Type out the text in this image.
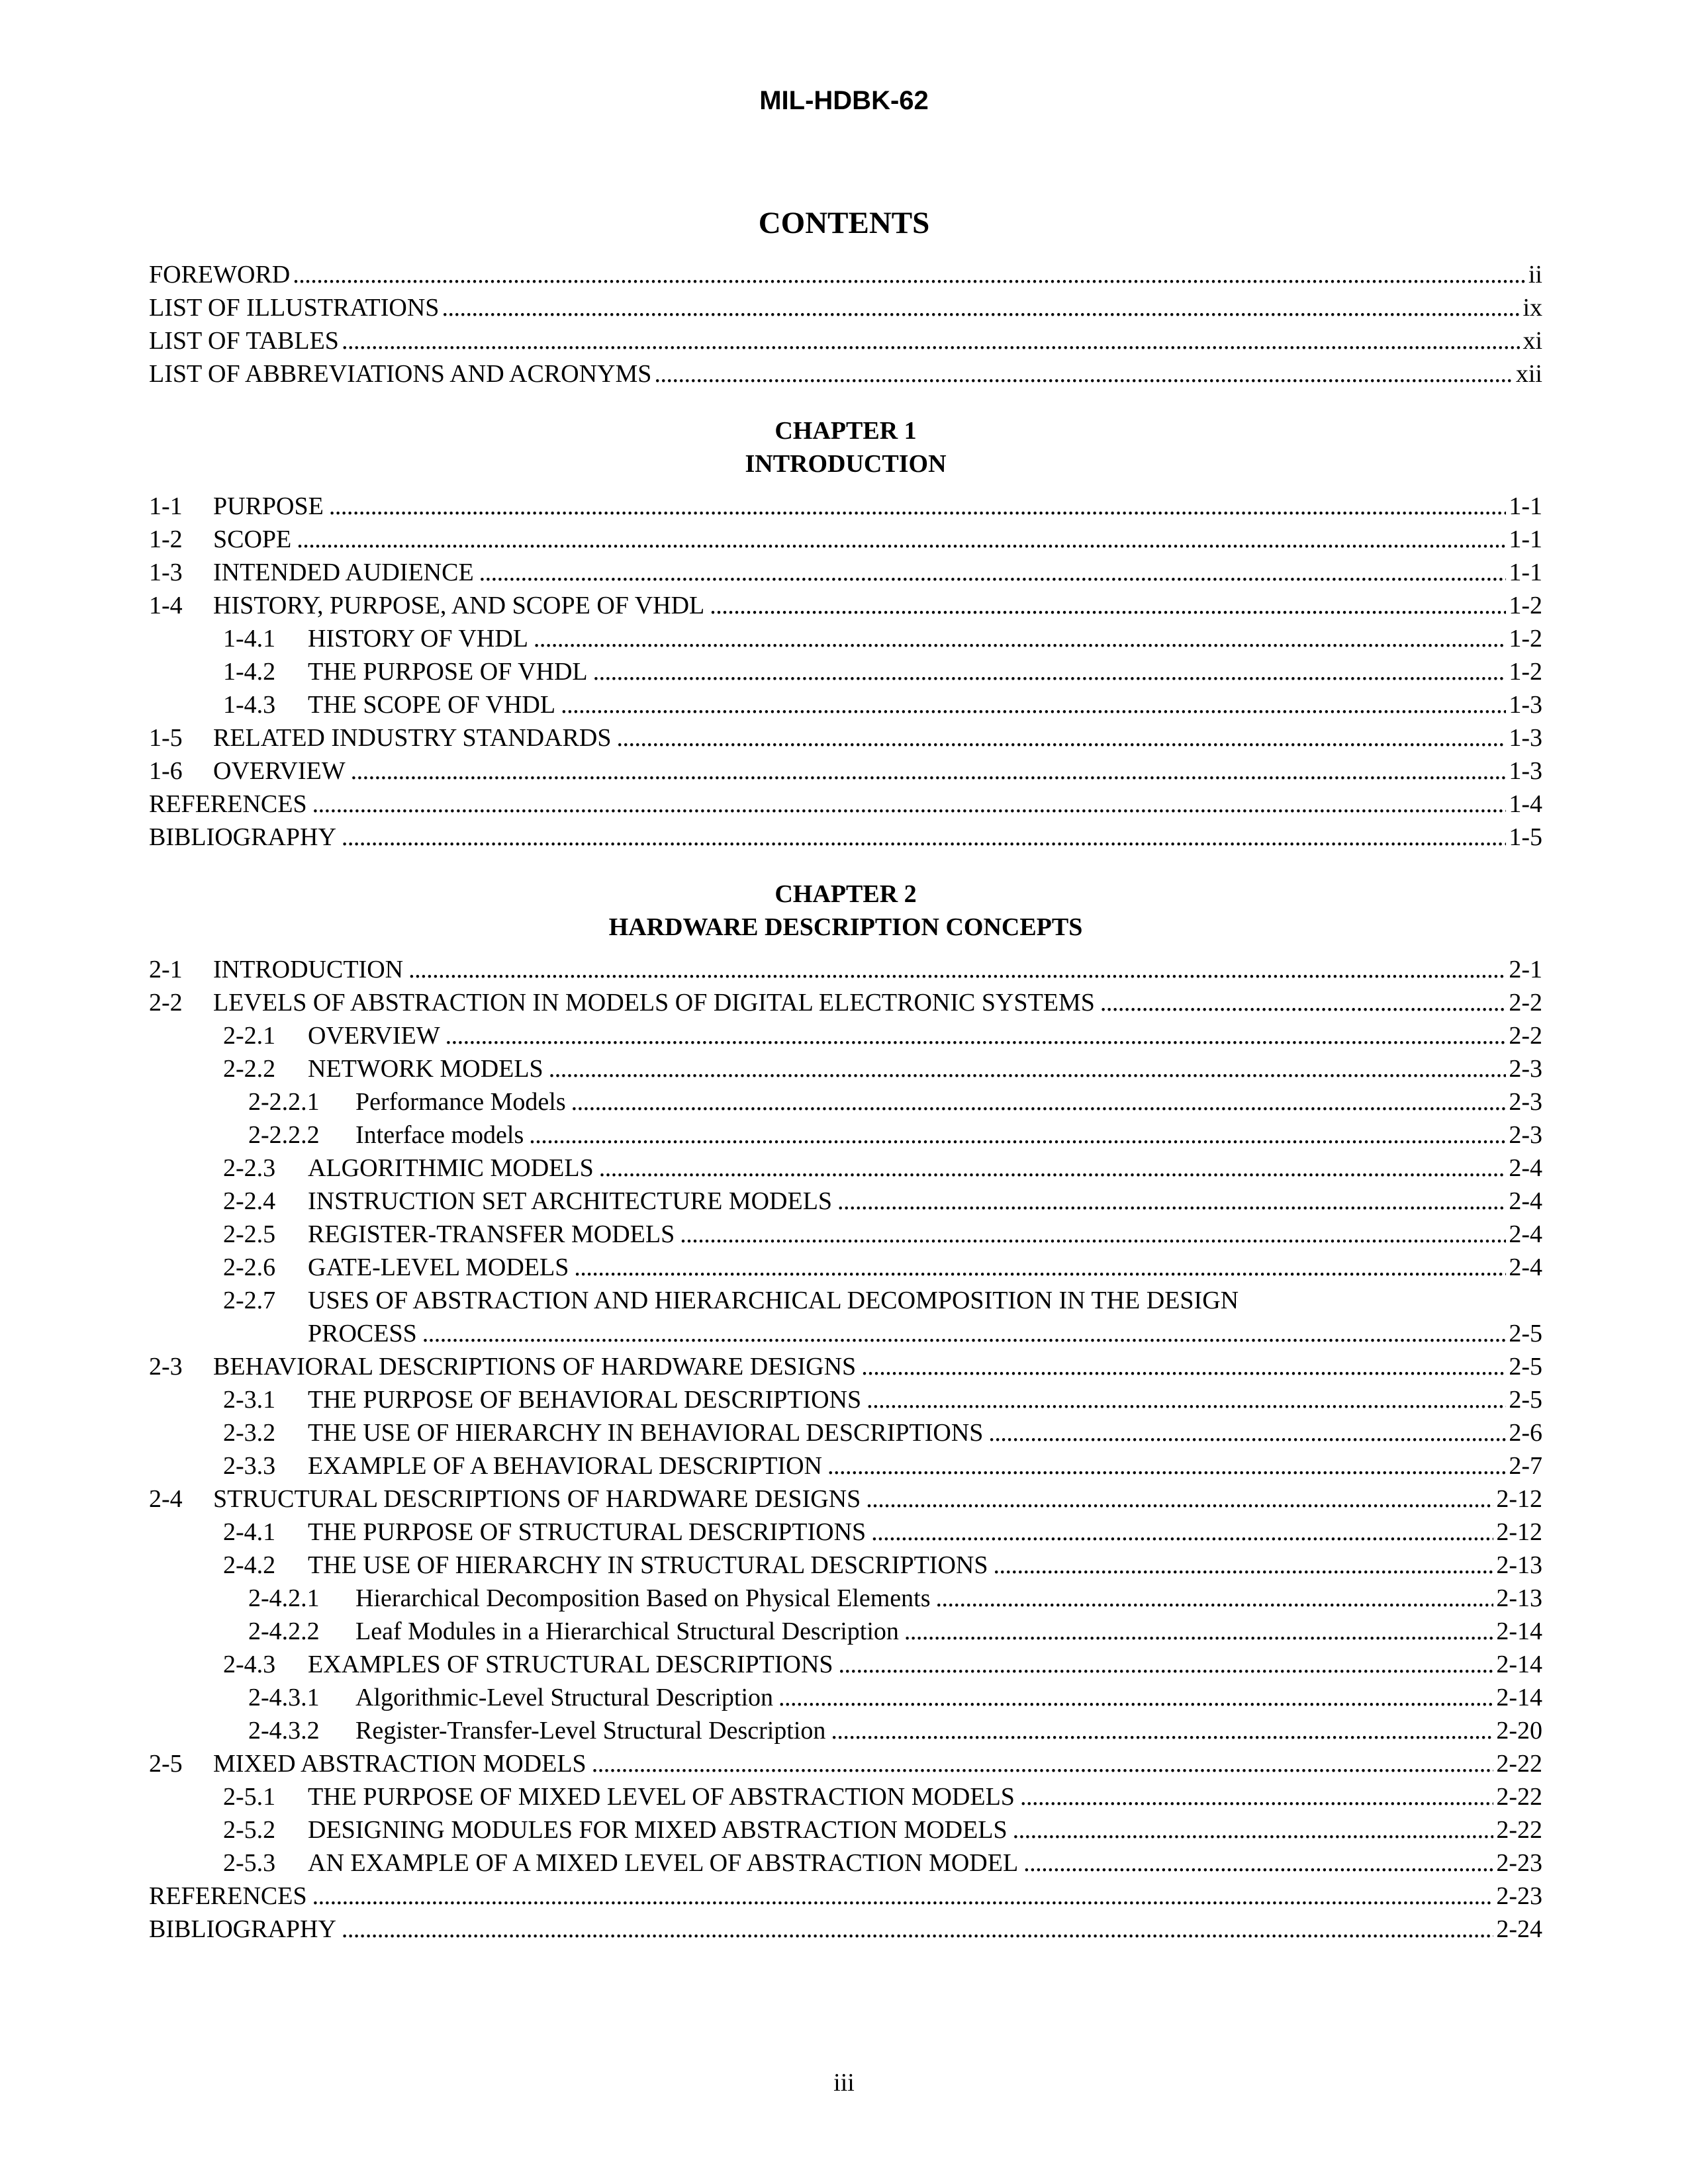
MIL-HDBK-62
CONTENTS
FOREWORD . . .	ii
LIST OF ILLUSTRATIONS . . .	ix
LIST OF TABLES . . .	xi
LIST OF ABBREVIATIONS AND ACRONYMS . . .	xii
CHAPTER 1
INTRODUCTION
1-1	PURPOSE . . .	1-1
1-2	SCOPE . . .	1-1
1-3	INTENDED AUDIENCE . . .	1-1
1-4	HISTORY, PURPOSE, AND SCOPE OF VHDL . . .	1-2
1-4.1	HISTORY OF VHDL . . .	1-2
1-4.2	THE PURPOSE OF VHDL . . .	1-2
1-4.3	THE SCOPE OF VHDL . . .	1-3
1-5	RELATED INDUSTRY STANDARDS . . .	1-3
1-6	OVERVIEW . . .	1-3
REFERENCES . . .	1-4
BIBLIOGRAPHY . . .	1-5
CHAPTER 2
HARDWARE DESCRIPTION CONCEPTS
2-1	INTRODUCTION . . .	2-1
2-2	LEVELS OF ABSTRACTION IN MODELS OF DIGITAL ELECTRONIC SYSTEMS . . .	2-2
2-2.1	OVERVIEW . . .	2-2
2-2.2	NETWORK MODELS . . .	2-3
2-2.2.1	Performance Models . . .	2-3
2-2.2.2	Interface models . . .	2-3
2-2.3	ALGORITHMIC MODELS . . .	2-4
2-2.4	INSTRUCTION SET ARCHITECTURE MODELS . . .	2-4
2-2.5	REGISTER-TRANSFER MODELS . . .	2-4
2-2.6	GATE-LEVEL MODELS . . .	2-4
2-2.7	USES OF ABSTRACTION AND HIERARCHICAL DECOMPOSITION IN THE DESIGN
PROCESS . . .	2-5
2-3	BEHAVIORAL DESCRIPTIONS OF HARDWARE DESIGNS . . .	2-5
2-3.1	THE PURPOSE OF BEHAVIORAL DESCRIPTIONS . . .	2-5
2-3.2	THE USE OF HIERARCHY IN BEHAVIORAL DESCRIPTIONS . . .	2-6
2-3.3	EXAMPLE OF A BEHAVIORAL DESCRIPTION . . .	2-7
2-4	STRUCTURAL DESCRIPTIONS OF HARDWARE DESIGNS . . .	2-12
2-4.1	THE PURPOSE OF STRUCTURAL DESCRIPTIONS . . .	2-12
2-4.2	THE USE OF HIERARCHY IN STRUCTURAL DESCRIPTIONS . . .	2-13
2-4.2.1	Hierarchical Decomposition Based on Physical Elements . . .	2-13
2-4.2.2	Leaf Modules in a Hierarchical Structural Description . . .	2-14
2-4.3	EXAMPLES OF STRUCTURAL DESCRIPTIONS . . .	2-14
2-4.3.1	Algorithmic-Level Structural Description . . .	2-14
2-4.3.2	Register-Transfer-Level Structural Description . . .	2-20
2-5	MIXED ABSTRACTION MODELS . . .	2-22
2-5.1	THE PURPOSE OF MIXED LEVEL OF ABSTRACTION MODELS . . .	2-22
2-5.2	DESIGNING MODULES FOR MIXED ABSTRACTION MODELS . . .	2-22
2-5.3	AN EXAMPLE OF A MIXED LEVEL OF ABSTRACTION MODEL . . .	2-23
REFERENCES . . .	2-23
BIBLIOGRAPHY . . .	2-24
iii
